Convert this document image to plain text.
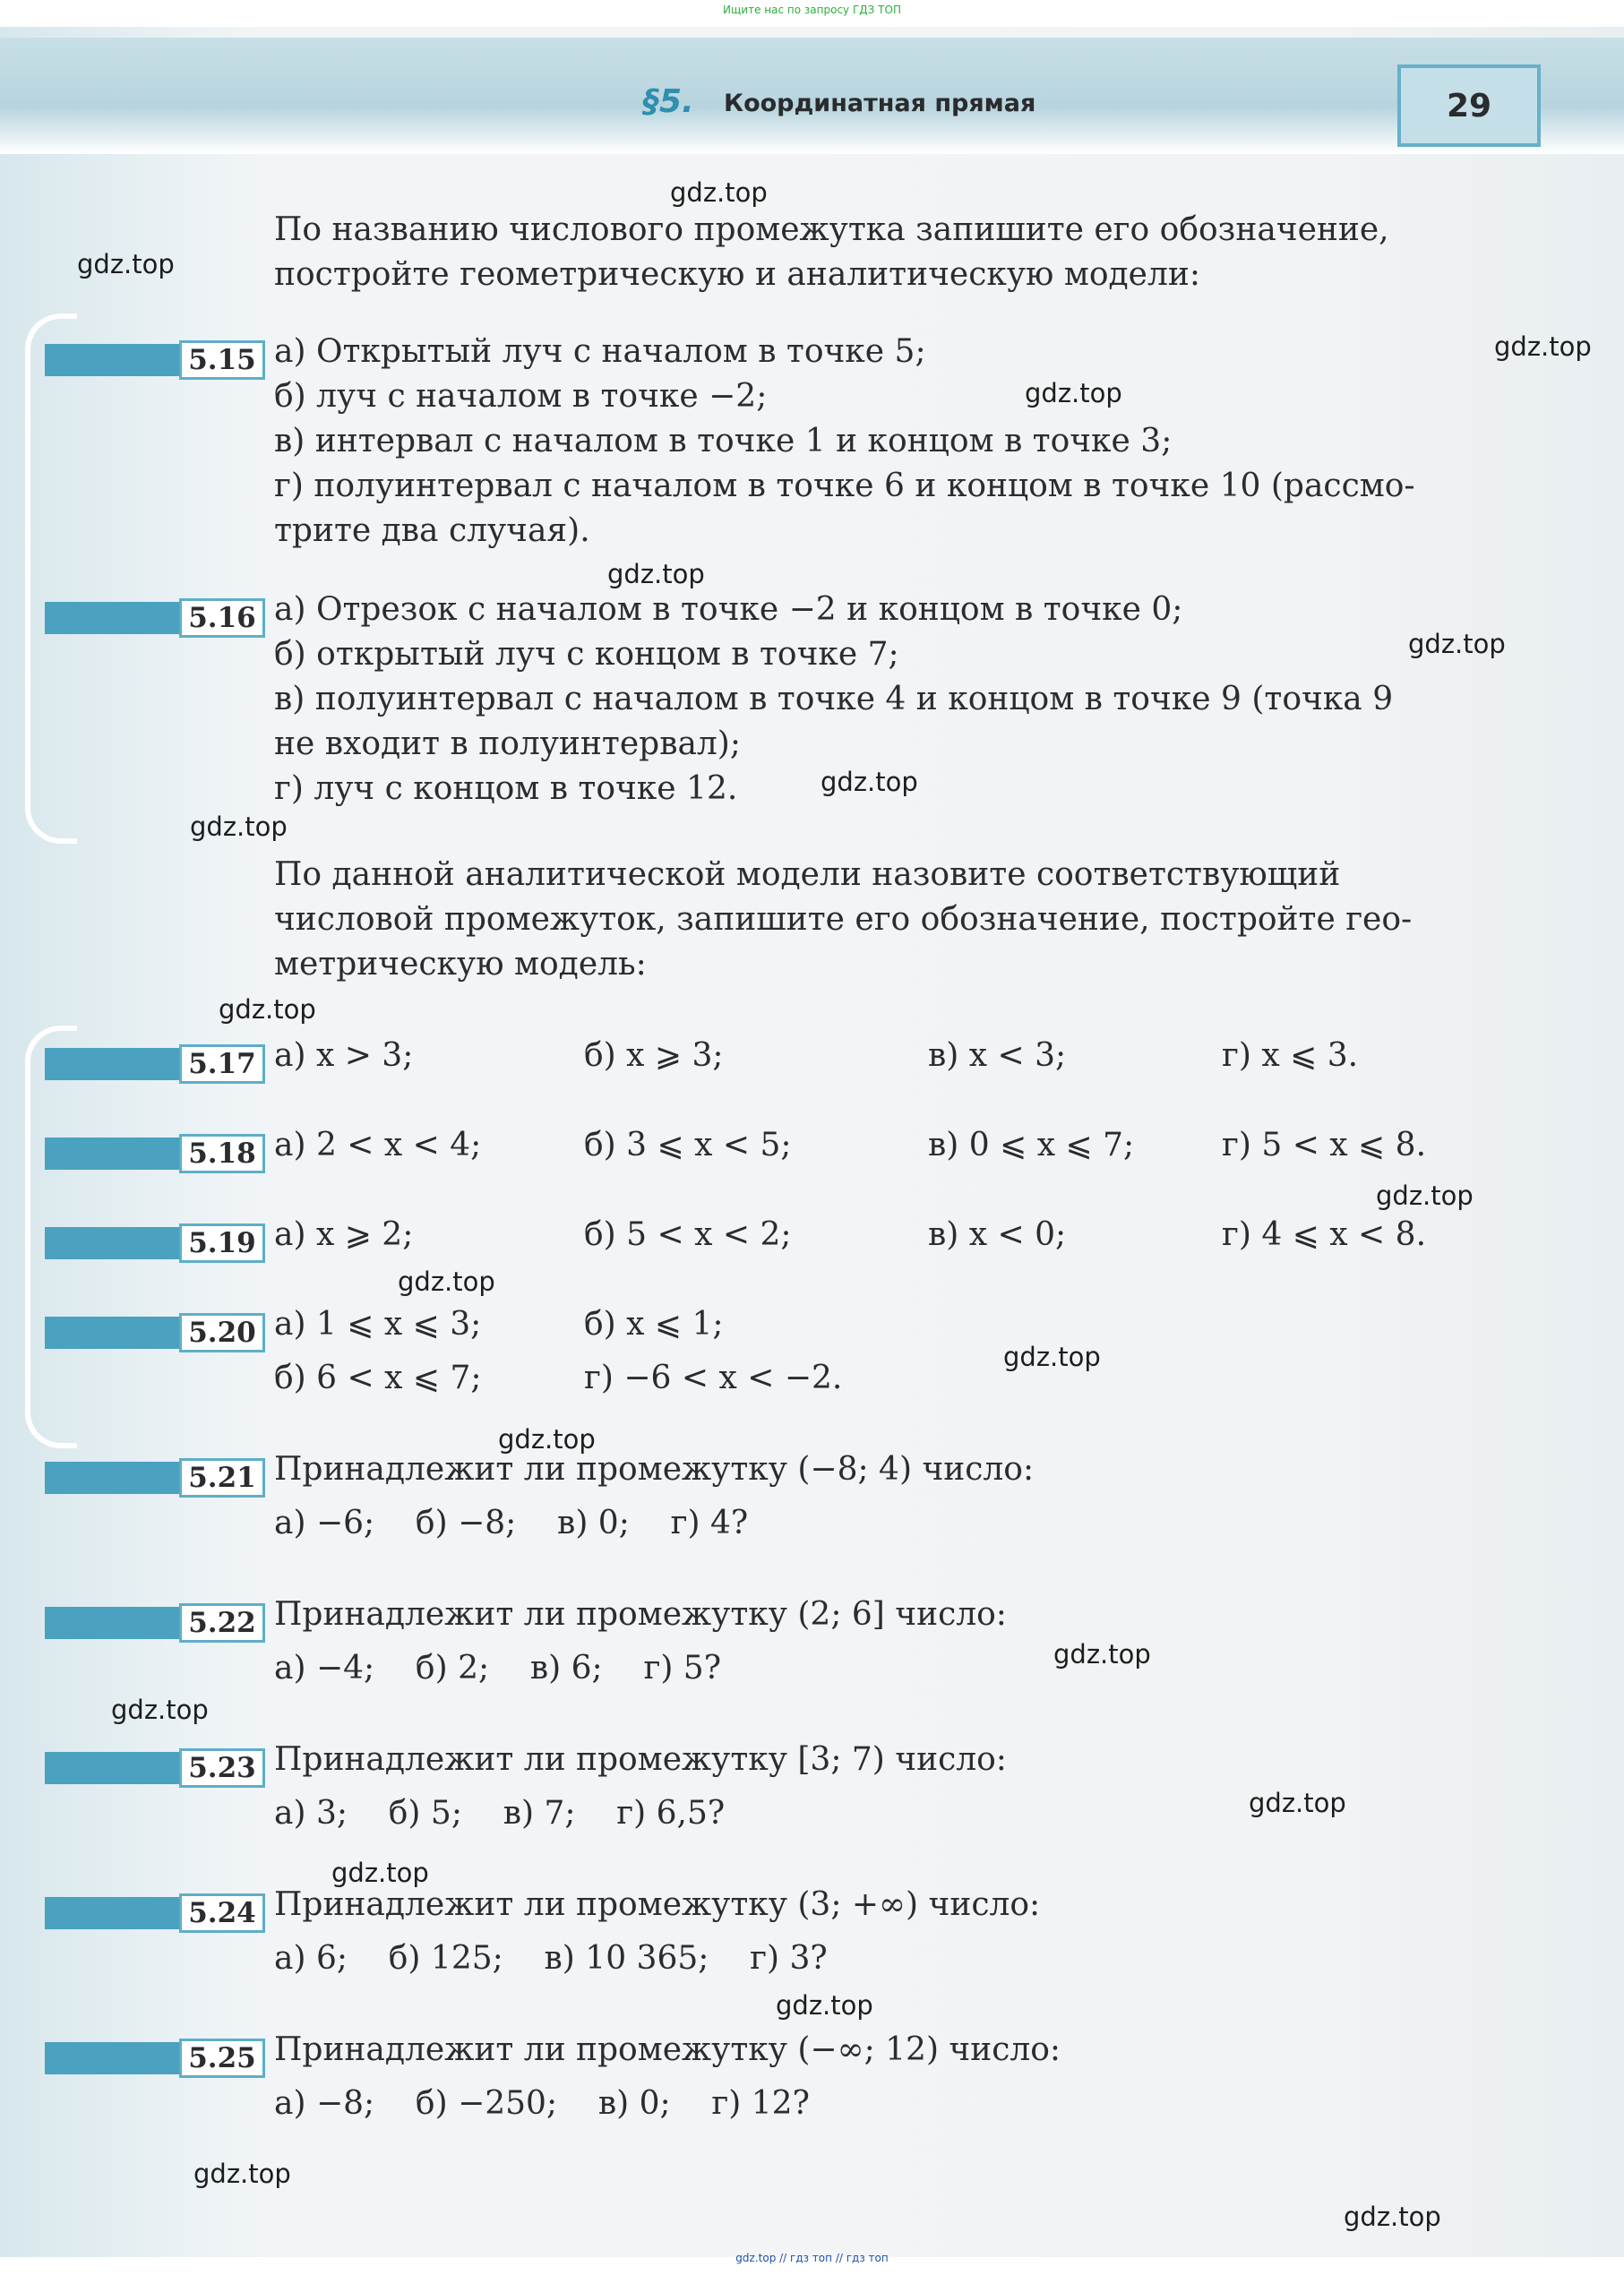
Ищите нас по запросу ГДЗ ТОП
§5. Координатная прямая	29
По названию числового промежутка запишите его обозначение,
постройте геометрическую и аналитическую модели:
5.15 а) Открытый луч с началом в точке 5;
б) луч с началом в точке −2;
в) интервал с началом в точке 1 и концом в точке 3;
г) полуинтервал с началом в точке 6 и концом в точке 10 (рассмо-
трите два случая).
5.16 а) Отрезок с началом в точке −2 и концом в точке 0;
б) открытый луч с концом в точке 7;
в) полуинтервал с началом в точке 4 и концом в точке 9 (точка 9
не входит в полуинтервал);
г) луч с концом в точке 12.
По данной аналитической модели назовите соответствующий
числовой промежуток, запишите его обозначение, постройте гео-
метрическую модель:
5.17 а) x > 3;	б) x ⩾ 3;	в) x < 3;	г) x ⩽ 3.
5.18 а) 2 < x < 4;	б) 3 ⩽ x < 5;	в) 0 ⩽ x ⩽ 7;	г) 5 < x ⩽ 8.
5.19 а) x ⩾ 2;	б) 5 < x < 2;	в) x < 0;	г) 4 ⩽ x < 8.
5.20 а) 1 ⩽ x ⩽ 3;	б) x ⩽ 1;
б) 6 < x ⩽ 7;	г) −6 < x < −2.
5.21 Принадлежит ли промежутку (−8; 4) число:
а) −6;    б) −8;    в) 0;    г) 4?
5.22 Принадлежит ли промежутку (2; 6] число:
а) −4;    б) 2;    в) 6;    г) 5?
5.23 Принадлежит ли промежутку [3; 7) число:
а) 3;    б) 5;    в) 7;    г) 6,5?
5.24 Принадлежит ли промежутку (3; +∞) число:
а) 6;    б) 125;    в) 10 365;    г) 3?
5.25 Принадлежит ли промежутку (−∞; 12) число:
а) −8;    б) −250;    в) 0;    г) 12?
gdz.top
gdz.top
gdz.top
gdz.top
gdz.top
gdz.top
gdz.top
gdz.top
gdz.top
gdz.top
gdz.top
gdz.top
gdz.top
gdz.top
gdz.top
gdz.top
gdz.top
gdz.top
gdz.top
gdz.top
gdz.top // гдз топ // гдз топ
